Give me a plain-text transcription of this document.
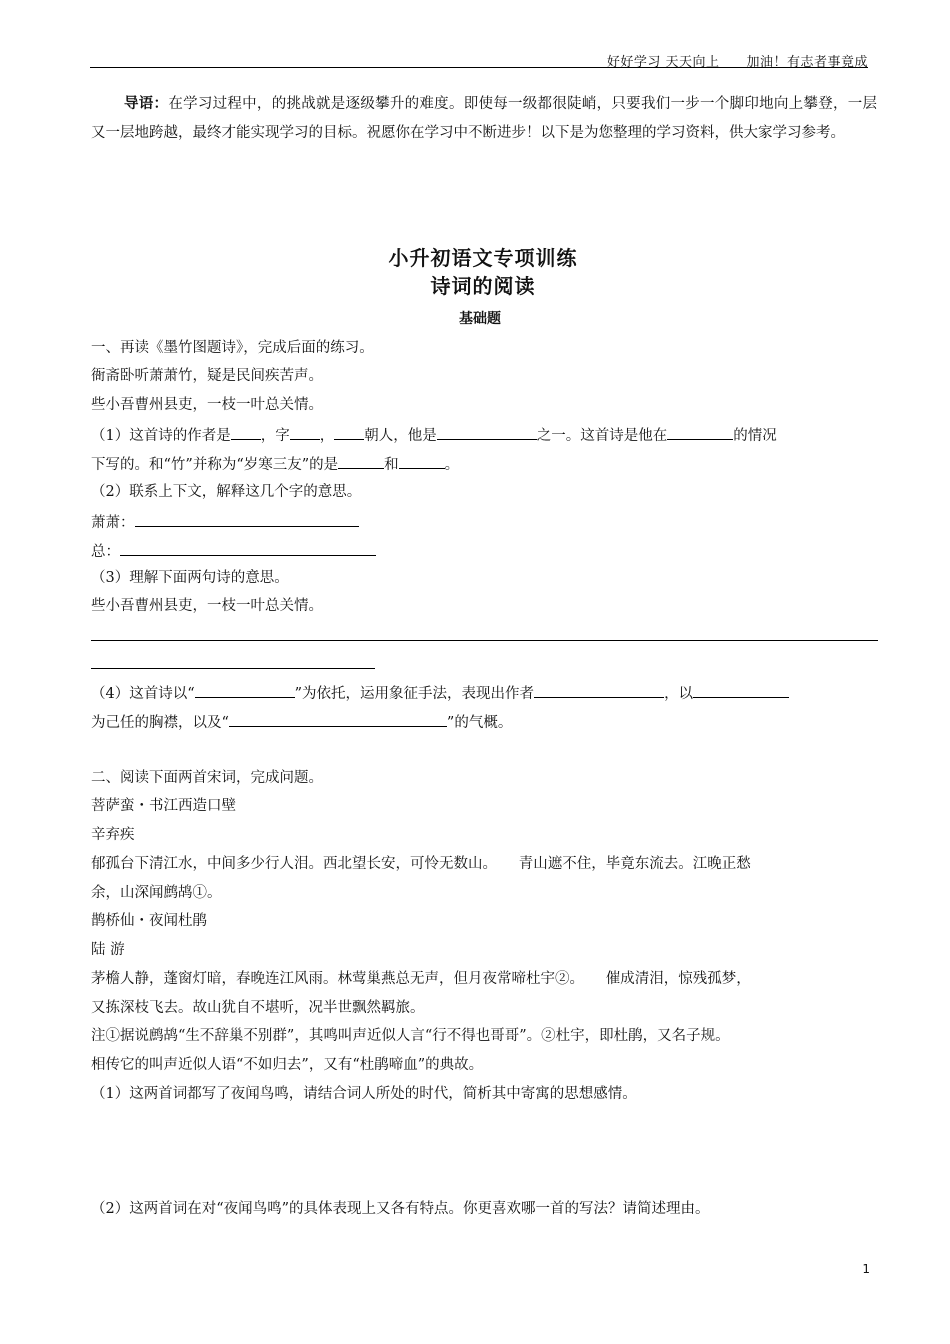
好好学习 天天向上　　加油！有志者事竟成
导语：在学习过程中，的挑战就是逐级攀升的难度。即使每一级都很陡峭，只要我们一步一个脚印地向上攀登，一层又一层地跨越，最终才能实现学习的目标。祝愿你在学习中不断进步！以下是为您整理的学习资料，供大家学习参考。
小升初语文专项训练
诗词的阅读
基础题
一、再读《墨竹图题诗》，完成后面的练习。
衙斋卧听萧萧竹，疑是民间疾苦声。
些小吾曹州县吏，一枝一叶总关情。
（1）这首诗的作者是 ，字 ， 朝人，他是	之一。这首诗是他在	的情况
下写的。和“竹”并称为“岁寒三友”的是	和	。
（2）联系上下文，解释这几个字的意思。
萧萧：
总：
（3）理解下面两句诗的意思。
些小吾曹州县吏，一枝一叶总关情。
（4）这首诗以“	”为依托，运用象征手法，表现出作者	，以
为己任的胸襟，以及“	”的气概。
二、阅读下面两首宋词，完成问题。
菩萨蛮・书江西造口壁
辛弃疾
郁孤台下清江水，中间多少行人泪。西北望长安，可怜无数山。　　青山遮不住，毕竟东流去。江晚正愁
余，山深闻鹧鸪①。
鹊桥仙・夜闻杜鹃
陆 游
茅檐人静，蓬窗灯暗，春晚连江风雨。林莺巢燕总无声，但月夜常啼杜宇②。　　催成清泪，惊残孤梦，
又拣深枝飞去。故山犹自不堪听，况半世飘然羁旅。
注①据说鹧鸪“生不辞巢不别群”，其鸣叫声近似人言“行不得也哥哥”。②杜宇，即杜鹃，又名子规。
相传它的叫声近似人语“不如归去”，又有“杜鹃啼血”的典故。
（1）这两首词都写了夜闻鸟鸣，请结合词人所处的时代，简析其中寄寓的思想感情。
（2）这两首词在对“夜闻鸟鸣”的具体表现上又各有特点。你更喜欢哪一首的写法？请简述理由。
1
